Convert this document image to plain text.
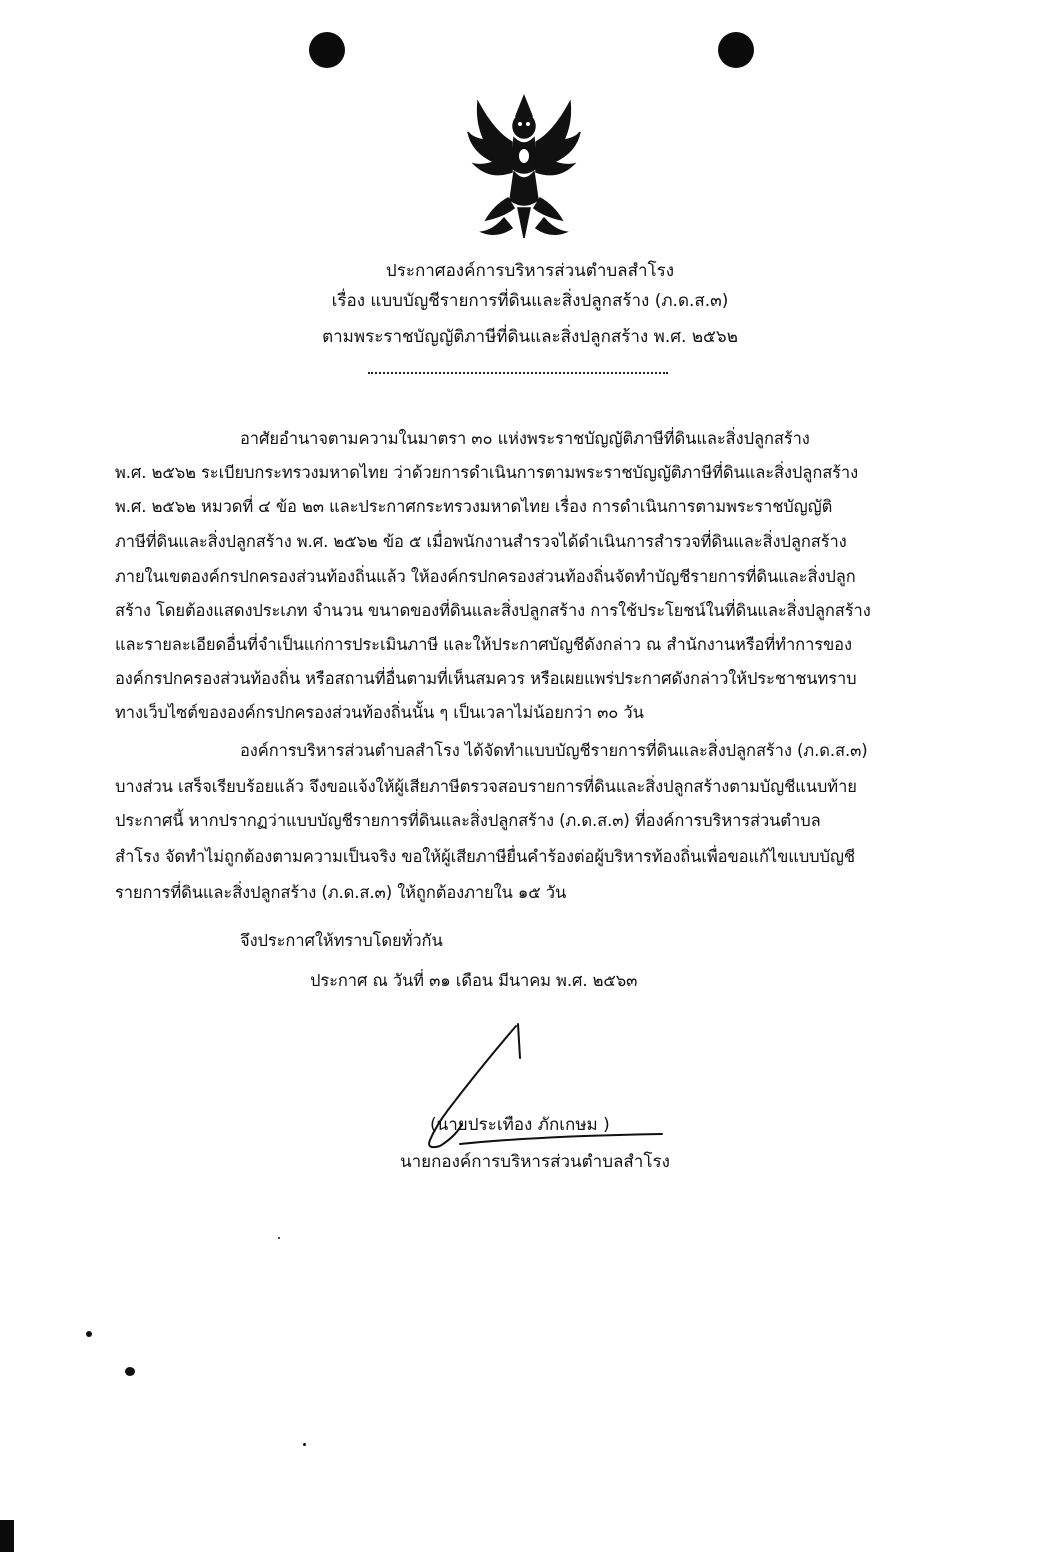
ประกาศองค์การบริหารส่วนตำบลสำโรง
เรื่อง แบบบัญชีรายการที่ดินและสิ่งปลูกสร้าง (ภ.ด.ส.๓)
ตามพระราชบัญญัติภาษีที่ดินและสิ่งปลูกสร้าง พ.ศ. ๒๕๖๒
อาศัยอำนาจตามความในมาตรา ๓๐ แห่งพระราชบัญญัติภาษีที่ดินและสิ่งปลูกสร้าง
พ.ศ. ๒๕๖๒ ระเบียบกระทรวงมหาดไทย ว่าด้วยการดำเนินการตามพระราชบัญญัติภาษีที่ดินและสิ่งปลูกสร้าง
พ.ศ. ๒๕๖๒ หมวดที่ ๔ ข้อ ๒๓ และประกาศกระทรวงมหาดไทย เรื่อง การดำเนินการตามพระราชบัญญัติ
ภาษีที่ดินและสิ่งปลูกสร้าง พ.ศ. ๒๕๖๒ ข้อ ๕ เมื่อพนักงานสำรวจได้ดำเนินการสำรวจที่ดินและสิ่งปลูกสร้าง
ภายในเขตองค์กรปกครองส่วนท้องถิ่นแล้ว ให้องค์กรปกครองส่วนท้องถิ่นจัดทำบัญชีรายการที่ดินและสิ่งปลูก
สร้าง โดยต้องแสดงประเภท จำนวน ขนาดของที่ดินและสิ่งปลูกสร้าง การใช้ประโยชน์ในที่ดินและสิ่งปลูกสร้าง
และรายละเอียดอื่นที่จำเป็นแก่การประเมินภาษี และให้ประกาศบัญชีดังกล่าว ณ สำนักงานหรือที่ทำการของ
องค์กรปกครองส่วนท้องถิ่น หรือสถานที่อื่นตามที่เห็นสมควร หรือเผยแพร่ประกาศดังกล่าวให้ประชาชนทราบ
ทางเว็บไซต์ขององค์กรปกครองส่วนท้องถิ่นนั้น ๆ เป็นเวลาไม่น้อยกว่า ๓๐ วัน
องค์การบริหารส่วนตำบลสำโรง ได้จัดทำแบบบัญชีรายการที่ดินและสิ่งปลูกสร้าง (ภ.ด.ส.๓)
บางส่วน เสร็จเรียบร้อยแล้ว จึงขอแจ้งให้ผู้เสียภาษีตรวจสอบรายการที่ดินและสิ่งปลูกสร้างตามบัญชีแนบท้าย
ประกาศนี้ หากปรากฏว่าแบบบัญชีรายการที่ดินและสิ่งปลูกสร้าง (ภ.ด.ส.๓) ที่องค์การบริหารส่วนตำบล
สำโรง จัดทำไม่ถูกต้องตามความเป็นจริง ขอให้ผู้เสียภาษียื่นคำร้องต่อผู้บริหารท้องถิ่นเพื่อขอแก้ไขแบบบัญชี
รายการที่ดินและสิ่งปลูกสร้าง (ภ.ด.ส.๓) ให้ถูกต้องภายใน ๑๕ วัน
จึงประกาศให้ทราบโดยทั่วกัน
ประกาศ ณ วันที่ ๓๑ เดือน มีนาคม พ.ศ. ๒๕๖๓
(นายประเทือง ภักเกษม )
นายกองค์การบริหารส่วนตำบลสำโรง
